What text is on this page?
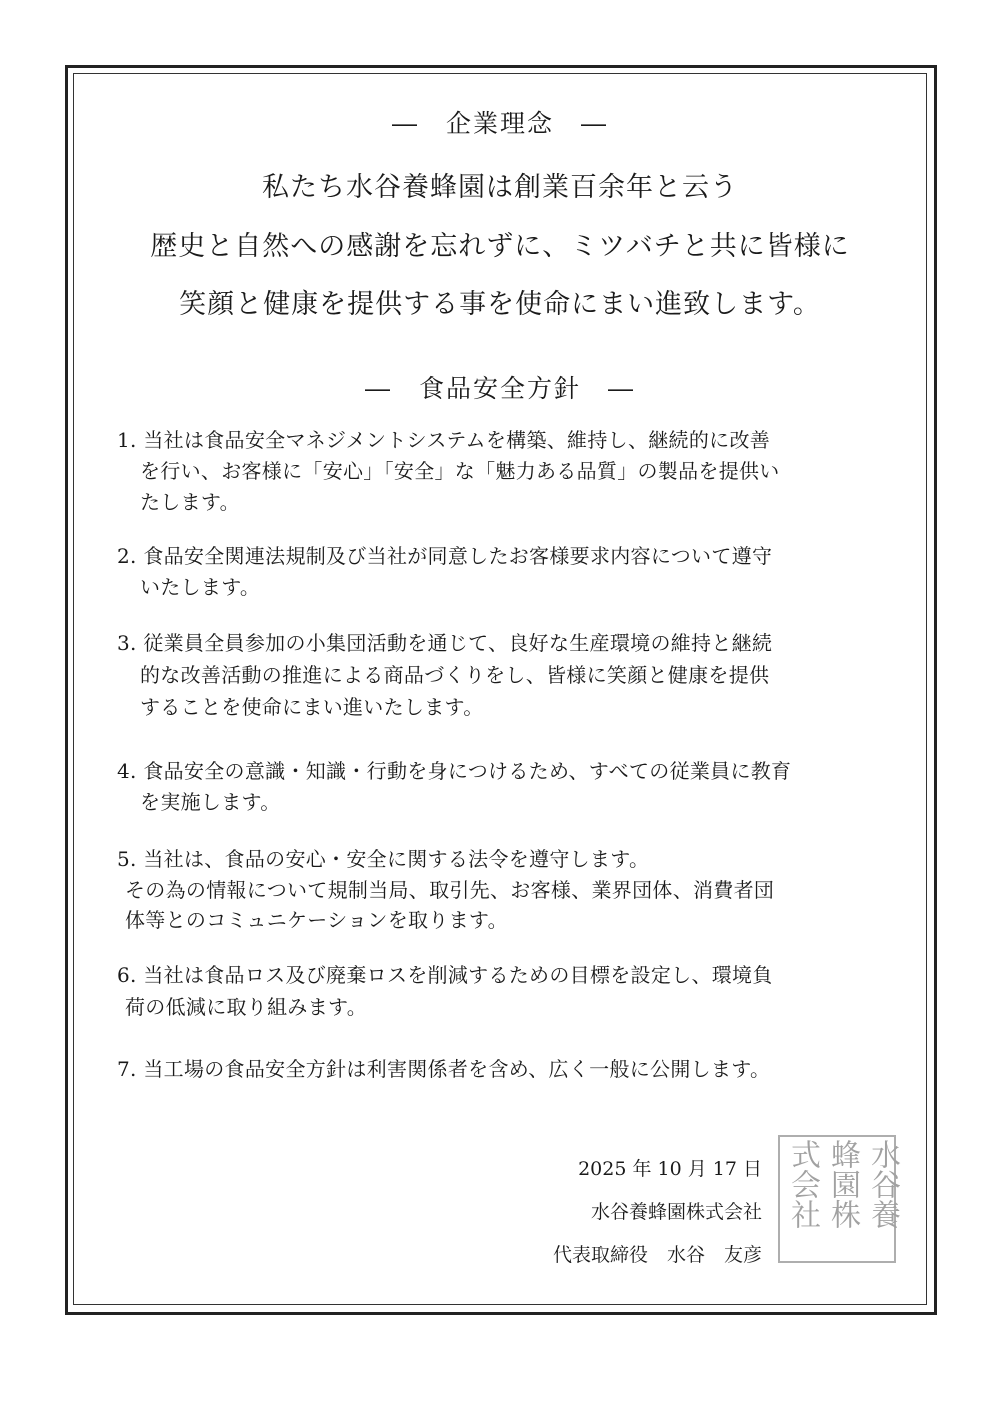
―　企業理念　―
私たち水谷養蜂園は創業百余年と云う
歴史と自然への感謝を忘れずに、ミツバチと共に皆様に
笑顔と健康を提供する事を使命にまい進致します。
―　食品安全方針　―
1. 当社は食品安全マネジメントシステムを構築、維持し、継続的に改善
を行い、お客様に「安心」「安全」な「魅力ある品質」の製品を提供い
たします。
2. 食品安全関連法規制及び当社が同意したお客様要求内容について遵守
いたします。
3. 従業員全員参加の小集団活動を通じて、良好な生産環境の維持と継続
的な改善活動の推進による商品づくりをし、皆様に笑顔と健康を提供
することを使命にまい進いたします。
4. 食品安全の意識・知識・行動を身につけるため、すべての従業員に教育
を実施します。
5. 当社は、食品の安心・安全に関する法令を遵守します。
その為の情報について規制当局、取引先、お客様、業界団体、消費者団
体等とのコミュニケーションを取ります。
6. 当社は食品ロス及び廃棄ロスを削減するための目標を設定し、環境負
荷の低減に取り組みます。
7. 当工場の食品安全方針は利害関係者を含め、広く一般に公開します。
2025 年 10 月 17 日
水谷養蜂園株式会社
代表取締役　水谷　友彦
水谷養
蜂園株
式会社
